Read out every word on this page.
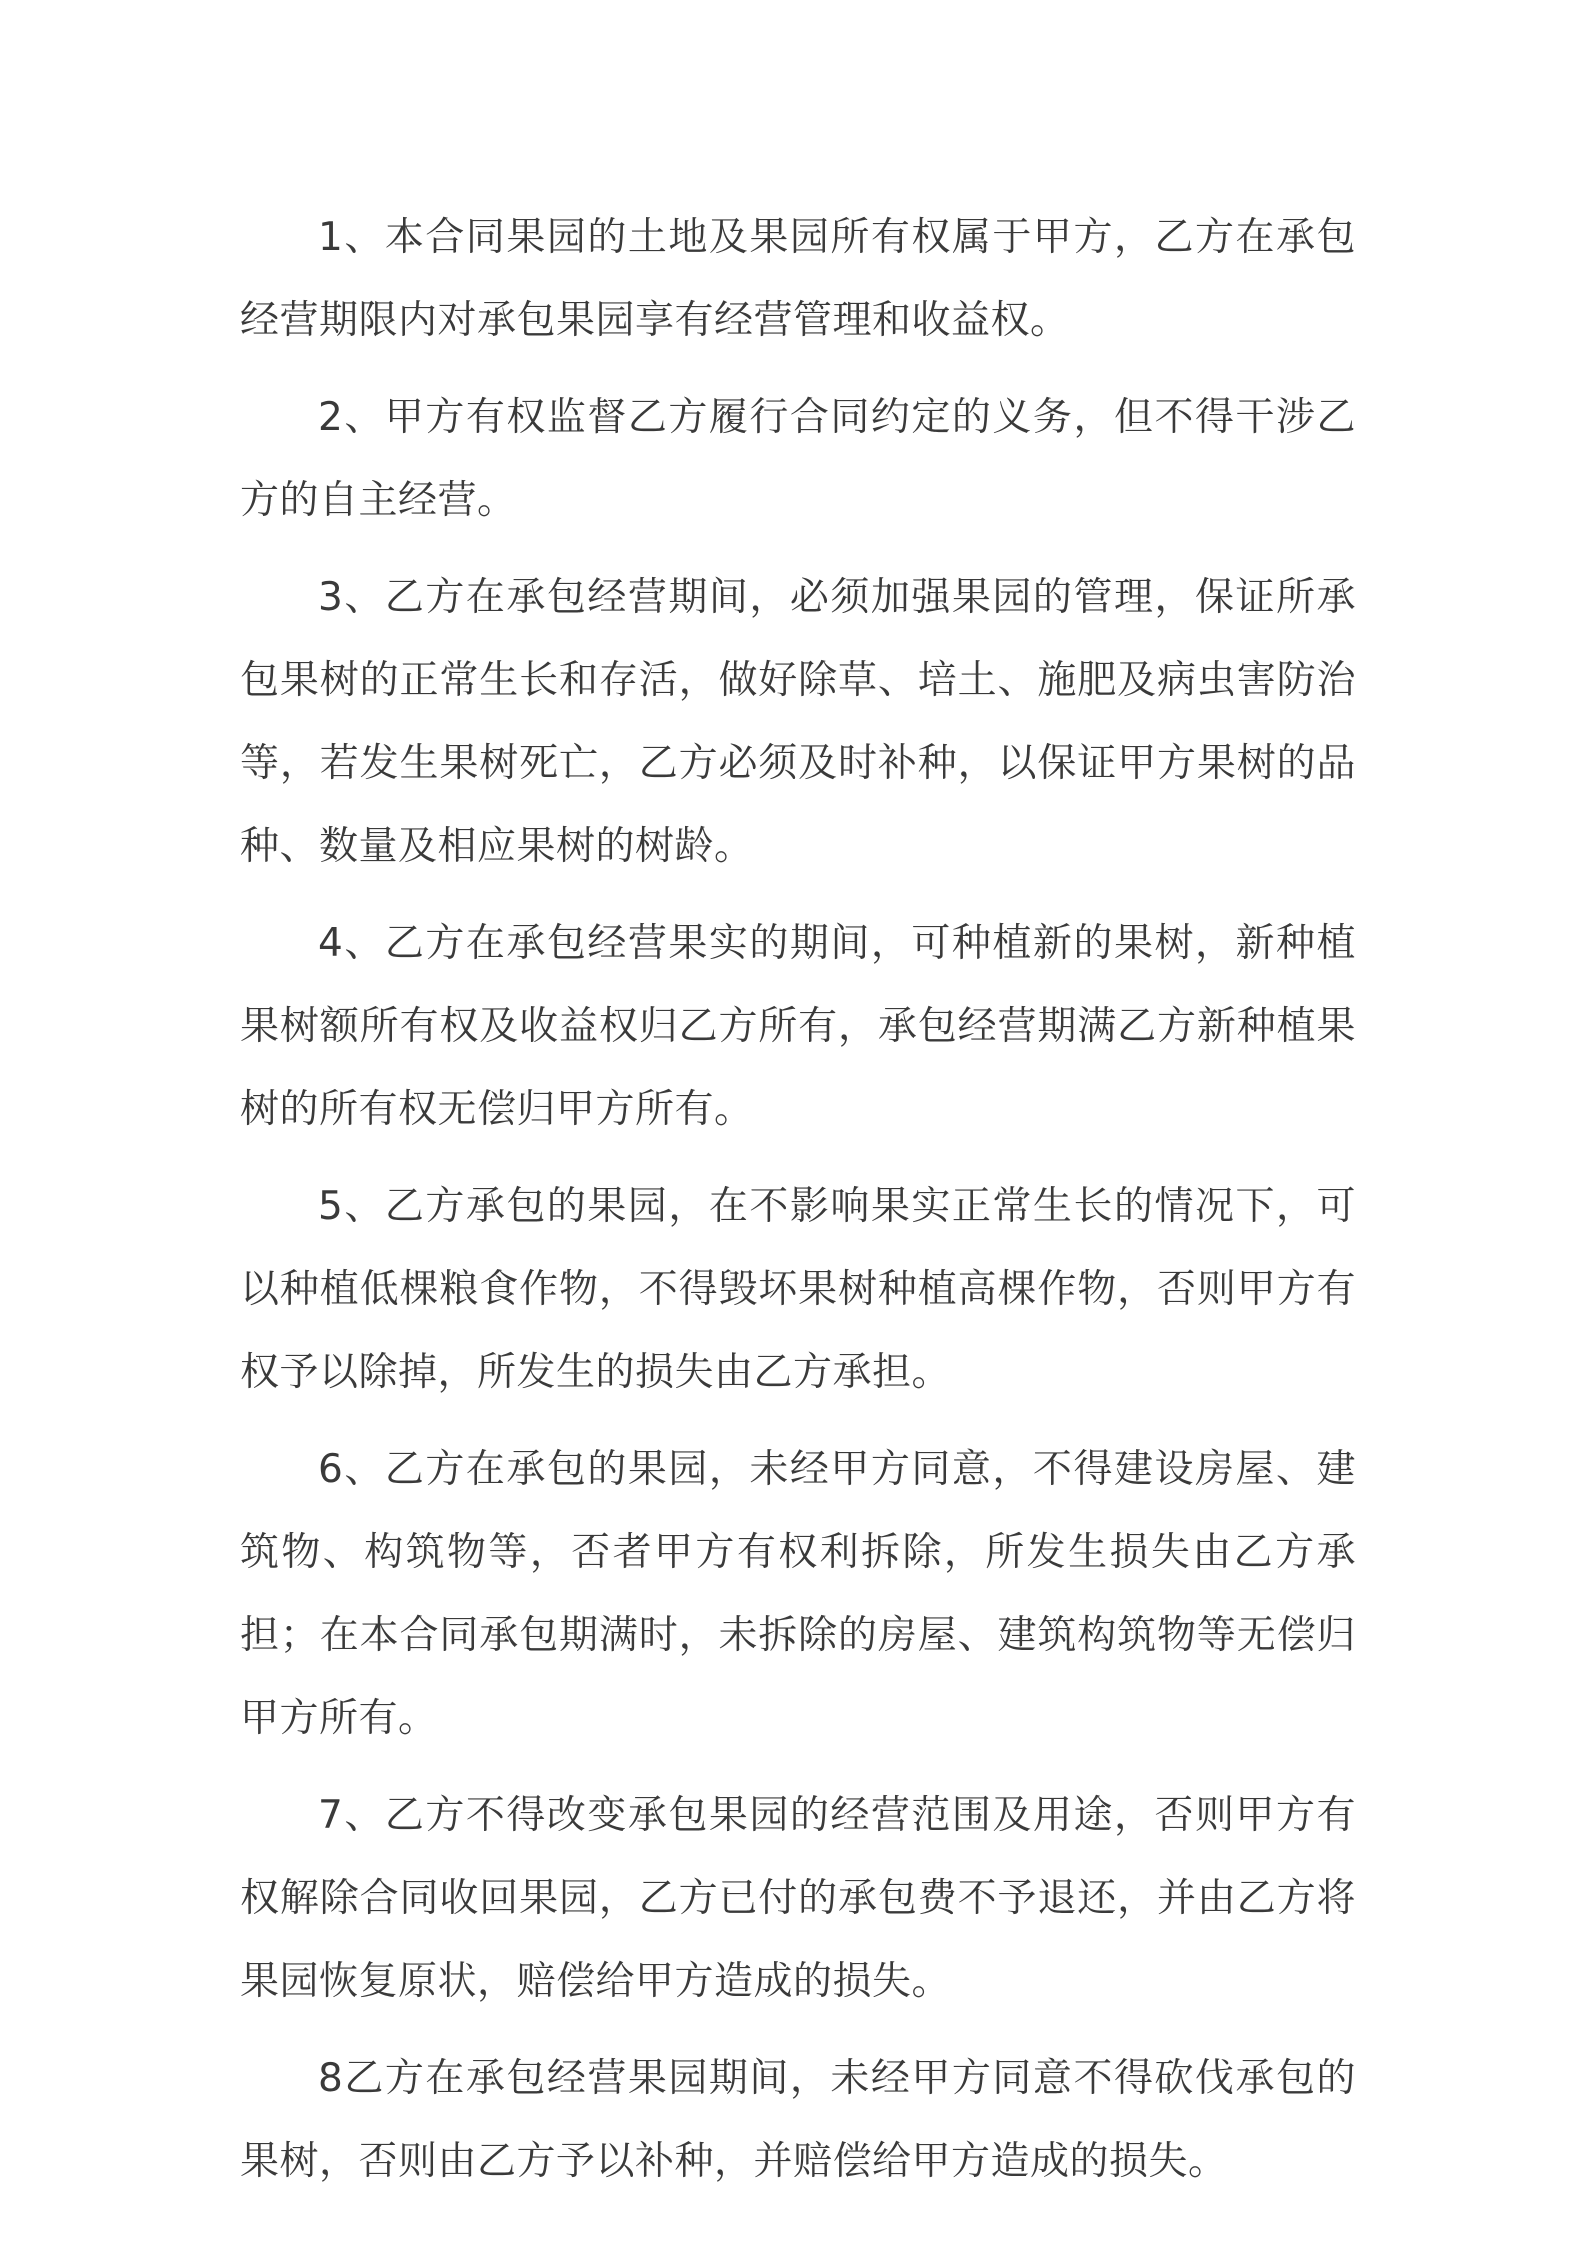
1、本合同果园的土地及果园所有权属于甲方，乙方在承包经营期限内对承包果园享有经营管理和收益权。

2、甲方有权监督乙方履行合同约定的义务，但不得干涉乙方的自主经营。

3、乙方在承包经营期间，必须加强果园的管理，保证所承包果树的正常生长和存活，做好除草、培土、施肥及病虫害防治等，若发生果树死亡，乙方必须及时补种，以保证甲方果树的品种、数量及相应果树的树龄。

4、乙方在承包经营果实的期间，可种植新的果树，新种植果树额所有权及收益权归乙方所有，承包经营期满乙方新种植果树的所有权无偿归甲方所有。

5、乙方承包的果园，在不影响果实正常生长的情况下，可以种植低棵粮食作物，不得毁坏果树种植高棵作物，否则甲方有权予以除掉，所发生的损失由乙方承担。

6、乙方在承包的果园，未经甲方同意，不得建设房屋、建筑物、构筑物等，否者甲方有权利拆除，所发生损失由乙方承担；在本合同承包期满时，未拆除的房屋、建筑构筑物等无偿归甲方所有。

7、乙方不得改变承包果园的经营范围及用途，否则甲方有权解除合同收回果园，乙方已付的承包费不予退还，并由乙方将果园恢复原状，赔偿给甲方造成的损失。

8乙方在承包经营果园期间，未经甲方同意不得砍伐承包的果树，否则由乙方予以补种，并赔偿给甲方造成的损失。
